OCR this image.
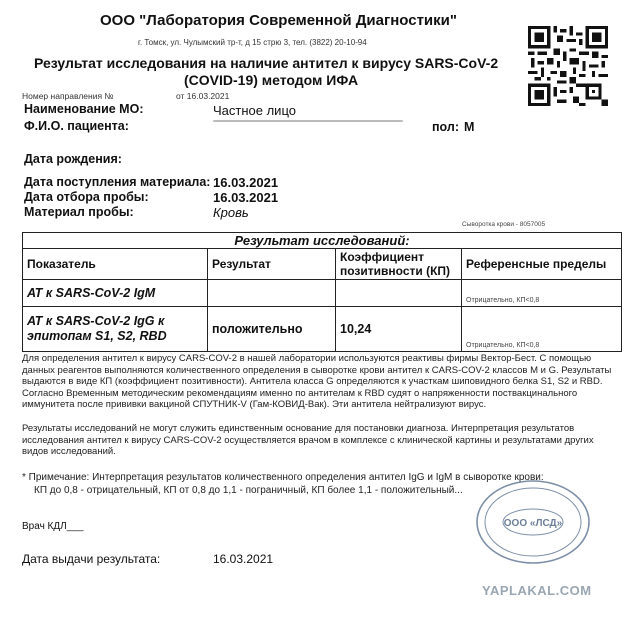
ООО "Лаборатория Современной Диагностики"
г. Томск, ул. Чулымский тр-т, д 15 стрю 3, тел. (3822) 20-10-94
Результат исследования на наличие антител к вирусу SARS-CoV-2
(COVID-19) методом ИФА
Номер направления №	от 16.03.2021
Наименование МО:	Частное лицо
Ф.И.О. пациента:	пол: М
Дата рождения:
Дата поступления материала: 16.03.2021
Дата отбора пробы:	16.03.2021
Материал пробы:	Кровь
Сыворотка крови - 8057005
Результат исследований:			
Показатель	Результат	Коэффициент позитивности (КП)	Референсные пределы
АТ к SARS-CoV-2 IgM			Отрицательно, КП<0,8
АТ к SARS-CoV-2 IgG к эпитопам S1, S2, RBD	положительно	10,24	Отрицательно, КП<0,8
Для определения антител к вирусу CARS-COV-2 в нашей лаборатории используются реактивы фирмы Вектор-Бест. С помощью данных реагентов выполняются количественного определения в сыворотке крови антител к CARS-COV-2 классов M и G. Результаты выдаются в виде КП (коэффициент позитивности). Антитела класса G определяются к участкам шиповидного белка S1, S2 и RBD. Согласно Временным методическим рекомендациям именно по антителам к RBD судят о напряженности поствакцинального иммунитета после прививки вакциной СПУТНИК-V (Гам-КОВИД-Вак). Эти антитела нейтрализуют вирус.
Результаты исследований не могут служить единственным основание для постановки диагноза. Интерпретация результатов исследования антител к вирусу CARS-COV-2 осуществляется врачом в комплексе с клинической картины и результатами других видов исследований.
* Примечание: Интерпретация результатов количественного определения антител IgG и IgM в сыворотке крови:
КП до 0,8 - отрицательный, КП от 0,8 до 1,1 - пограничный, КП более 1,1 - положительный...
Врач КДЛ___
Дата выдачи результата:	16.03.2021
ООО «ЛСД»
YAPLAKAL.COM
